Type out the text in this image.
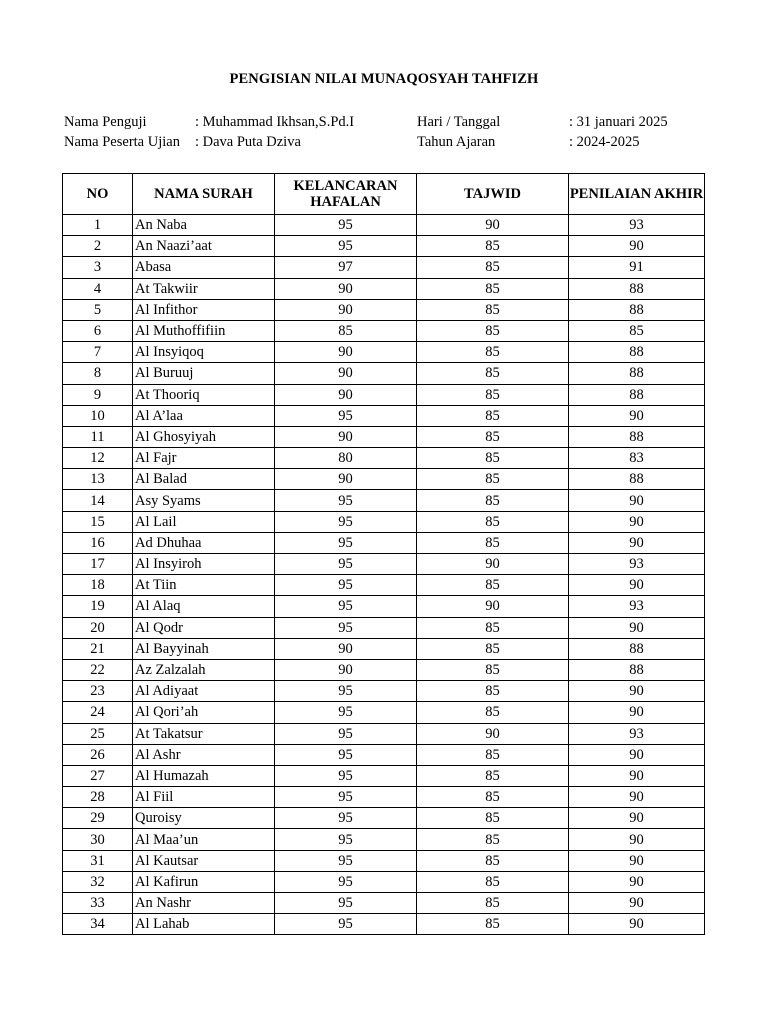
PENGISIAN NILAI MUNAQOSYAH TAHFIZH
Nama Penguji	: Muhammad Ikhsan,S.Pd.I
Nama Peserta Ujian : Dava Puta Dziva
Hari / Tanggal	: 31 januari 2025
Tahun Ajaran	: 2024-2025
NO	NAMA SURAH	KELANCARAN HAFALAN	TAJWID	PENILAIAN AKHIR
1	An Naba	95	90	93
2	An Naazi’aat	95	85	90
3	Abasa	97	85	91
4	At Takwiir	90	85	88
5	Al Infithor	90	85	88
6	Al Muthoffifiin	85	85	85
7	Al Insyiqoq	90	85	88
8	Al Buruuj	90	85	88
9	At Thooriq	90	85	88
10	Al A’laa	95	85	90
11	Al Ghosyiyah	90	85	88
12	Al Fajr	80	85	83
13	Al Balad	90	85	88
14	Asy Syams	95	85	90
15	Al Lail	95	85	90
16	Ad Dhuhaa	95	85	90
17	Al Insyiroh	95	90	93
18	At Tiin	95	85	90
19	Al Alaq	95	90	93
20	Al Qodr	95	85	90
21	Al Bayyinah	90	85	88
22	Az Zalzalah	90	85	88
23	Al Adiyaat	95	85	90
24	Al Qori’ah	95	85	90
25	At Takatsur	95	90	93
26	Al Ashr	95	85	90
27	Al Humazah	95	85	90
28	Al Fiil	95	85	90
29	Quroisy	95	85	90
30	Al Maa’un	95	85	90
31	Al Kautsar	95	85	90
32	Al Kafirun	95	85	90
33	An Nashr	95	85	90
34	Al Lahab	95	85	90
